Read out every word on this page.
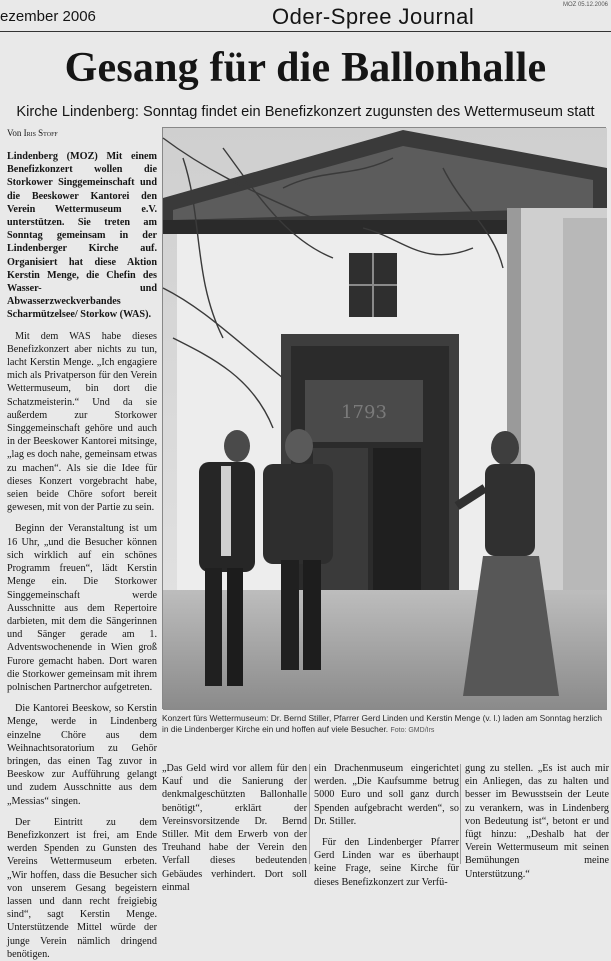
ezember 2006	Oder-Spree Journal	MOZ 05.12.2006
Gesang für die Ballonhalle
Kirche Lindenberg: Sonntag findet ein Benefizkonzert zugunsten des Wettermuseum statt
Von Iris Stoff

Lindenberg (MOZ) Mit einem Benefizkonzert wollen die Storkower Singgemeinschaft und die Beeskower Kantorei den Verein Wettermuseum e.V. unterstützen. Sie treten am Sonntag gemeinsam in der Lindenberger Kirche auf. Organisiert hat diese Aktion Kerstin Menge, die Chefin des Wasser- und Abwasserzweckverbandes Scharmützelsee/ Storkow (WAS).

Mit dem WAS habe dieses Benefizkonzert aber nichts zu tun, lacht Kerstin Menge. „Ich engagiere mich als Privatperson für den Verein Wettermuseum, bin dort die Schatzmeisterin.“ Und da sie außerdem zur Storkower Singgemeinschaft gehöre und auch in der Beeskower Kantorei mitsinge, „lag es doch nahe, gemeinsam etwas zu machen“. Als sie die Idee für dieses Konzert vorgebracht habe, seien beide Chöre sofort bereit gewesen, mit von der Partie zu sein.

Beginn der Veranstaltung ist um 16 Uhr, „und die Besucher können sich wirklich auf ein schönes Programm freuen“, lädt Kerstin Menge ein. Die Storkower Singgemeinschaft werde Ausschnitte aus dem Repertoire darbieten, mit dem die Sängerinnen und Sänger gerade am 1. Adventswochenende in Wien groß Furore gemacht haben. Dort waren die Storkower gemeinsam mit ihrem polnischen Partnerchor aufgetreten.

Die Kantorei Beeskow, so Kerstin Menge, werde in Lindenberg einzelne Chöre aus dem Weihnachtsoratorium zu Gehör bringen, das einen Tag zuvor in Beeskow zur Aufführung gelangt und zudem Ausschnitte aus dem „Messias“ singen.

Der Eintritt zu dem Benefizkonzert ist frei, am Ende werden Spenden zu Gunsten des Vereins Wettermuseum erbeten. „Wir hoffen, dass die Besucher sich von unserem Gesang begeistern lassen und dann recht freigiebig sind“, sagt Kerstin Menge. Unterstützende Mittel würde der junge Verein nämlich dringend benötigen.

1793
Konzert fürs Wettermuseum: Dr. Bernd Stiller, Pfarrer Gerd Linden und Kerstin Menge (v. l.) laden am Sonntag herzlich in die Lindenberger Kirche ein und hoffen auf viele Besucher. Foto: GMD/Irs

„Das Geld wird vor allem für den Kauf und die Sanierung der denkmalgeschützten Ballonhalle benötigt“, erklärt der Vereinsvorsitzende Dr. Bernd Stiller. Mit dem Erwerb von der Treuhand habe der Verein den Verfall dieses bedeutenden Gebäudes verhindert. Dort soll einmal

ein Drachenmuseum eingerichtet werden. „Die Kaufsumme betrug 5000 Euro und soll ganz durch Spenden aufgebracht werden“, so Dr. Stiller.

Für den Lindenberger Pfarrer Gerd Linden war es überhaupt keine Frage, seine Kirche für dieses Benefizkonzert zur Verfü-

gung zu stellen. „Es ist auch mir ein Anliegen, das zu halten und besser im Bewusstsein der Leute zu verankern, was in Lindenberg von Bedeutung ist“, betont er und fügt hinzu: „Deshalb hat der Verein Wettermuseum mit seinen Bemühungen meine Unterstützung.“
